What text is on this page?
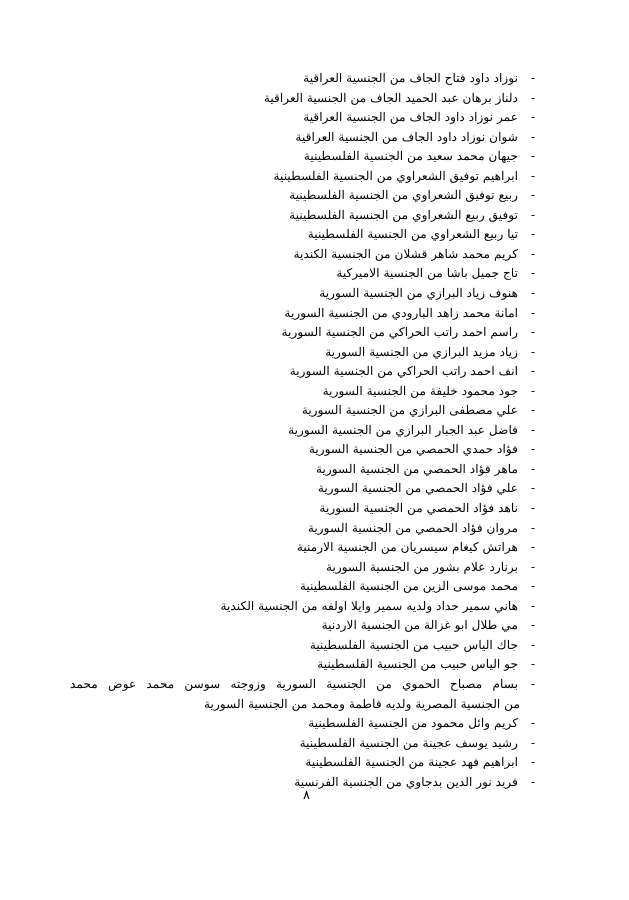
-
نوزاد داود فتاح الجاف من الجنسية العراقية
-
دلناز برهان عبد الحميد الجاف من الجنسية العراقية
-
عمر نوزاد داود الجاف من الجنسية العراقية
-
شوان نوزاد داود الجاف من الجنسية العراقية
-
جيهان محمد سعيد من الجنسية الفلسطينية
-
ابراهيم توفيق الشعراوي من الجنسية الفلسطينية
-
ربيع توفيق الشعراوي من الجنسية الفلسطينية
-
توفيق ربيع الشعراوي من الجنسية الفلسطينية
-
تيا ربيع الشعراوي من الجنسية الفلسطينية
-
كريم محمد شاهر قشلان من الجنسية الكندية
-
تاج جميل باشا من الجنسية الاميركية
-
هنوف زياد البرازي من الجنسية السورية
-
امانة محمد زاهد البارودي من الجنسية السورية
-
راسم احمد راتب الحراكي من الجنسية السورية
-
زياد مزيد البرازي من الجنسية السورية
-
انف احمد راتب الحراكي من الجنسية السورية
-
جود محمود خليفة من الجنسية السورية
-
علي مصطفى البرازي من الجنسية السورية
-
فاضل عبد الجبار البرازي من الجنسية السورية
-
فؤاد حمدي الحمصي من الجنسية السورية
-
ماهر فؤاد الحمصي من الجنسية السورية
-
علي فؤاد الحمصي من الجنسية السورية
-
ناهد فؤاد الحمصي من الجنسية السورية
-
مروان فؤاد الحمصي من الجنسية السورية
-
هراتش كيغام سيسريان من الجنسية الارمنية
-
برنارد علام بشور من الجنسية السورية
-
محمد موسى الزين من الجنسية الفلسطينية
-
هاني سمير حداد ولديه سمير وايلا اولفه من الجنسية الكندية
-
مي طلال ابو غزالة من الجنسية الاردنية
-
جاك الياس حبيب من الجنسية الفلسطينية
-
جو الياس حبيب من الجنسية الفلسطينية
-
بسام مصباح الحموي من الجنسية السورية وزوجته سوسن محمد عوض محمد
من الجنسية المصرية ولديه فاطمة ومحمد من الجنسية السورية
-
كريم وائل محمود من الجنسية الفلسطينية
-
رشيد يوسف عجينة من الجنسية الفلسطينية
-
ابراهيم فهد عجينة من الجنسية الفلسطينية
-
فريد نور الدين بدجاوي من الجنسية الفرنسية
٨
